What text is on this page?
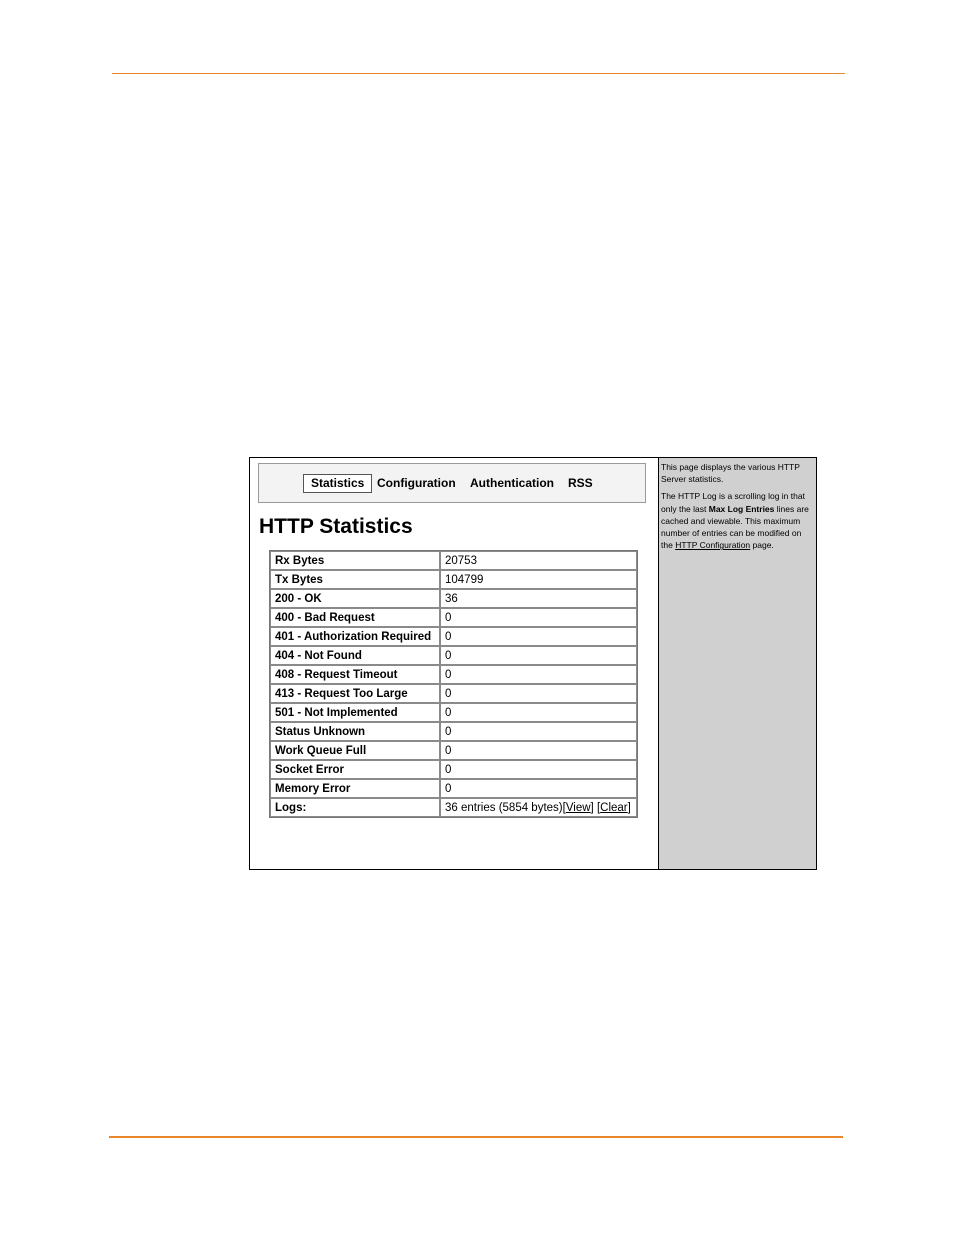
Statistics	Configuration Authentication RSS
HTTP Statistics
Rx Bytes	20753
Tx Bytes	104799
200 - OK	36
400 - Bad Request	0
401 - Authorization Required	0
404 - Not Found	0
408 - Request Timeout	0
413 - Request Too Large	0
501 - Not Implemented	0
Status Unknown	0
Work Queue Full	0
Socket Error	0
Memory Error	0
Logs:	36 entries (5854 bytes)[View] [Clear]

This page displays the various HTTP Server statistics.

The HTTP Log is a scrolling log in that only the last Max Log Entries lines are cached and viewable. This maximum number of entries can be modified on the HTTP Configuration page.
